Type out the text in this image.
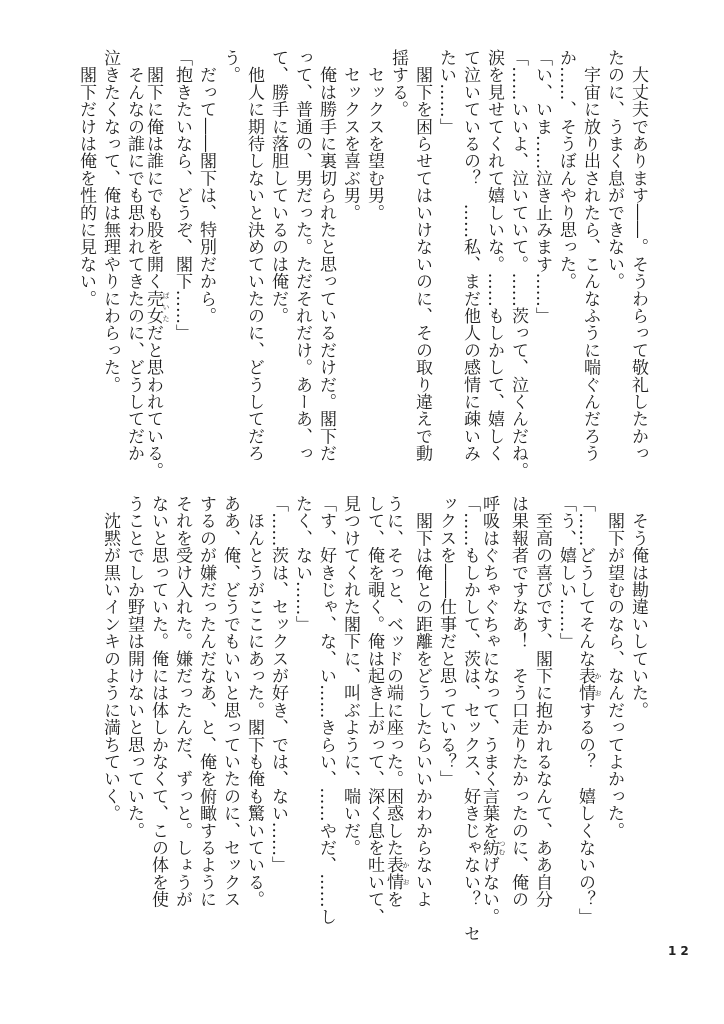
　大丈夫であります――。そうわらって敬礼したかっ
たのに、うまく息ができない。
　宇宙に放り出されたら、こんなふうに喘ぐんだろう
か……、そうぼんやり思った。
「い、いま……泣き止みます……」
「……いいよ、泣いていて。……茨って、泣くんだね。
涙を見せてくれて嬉しいな。……もしかして、嬉しく
て泣いているの？　……私、まだ他人の感情に疎いみ
たい……」
　閣下を困らせてはいけないのに、その取り違えで動
揺する。
　セックスを望む男。
　セックスを喜ぶ男。
　俺は勝手に裏切られたと思っているだけだ。閣下だ
って、普通の、男だった。ただそれだけ。あーあ、っ
て、勝手に落胆しているのは俺だ。
　他人に期待しないと決めていたのに、どうしてだろ
う。
　だって――閣下は、特別だから。
「抱きたいなら、どうぞ、閣下……」
　閣下に俺は誰にでも股を開く売女 ばいただと思われている。
　そんなの誰にでも思われてきたのに、どうしてだか
泣きたくなって、俺は無理やりにわらった。
　閣下だけは俺を性的に見ない。
　そう俺は勘違いしていた。
　閣下が望むのなら、なんだってよかった。
「……どうしてそんな表情 かおするの？　嬉しくないの？」
「う、嬉しい……」
　至高の喜びです、閣下に抱かれるなんて、ああ自分
は果報者ですなあ！　そう口走りたかったのに、俺の
呼吸はぐちゃぐちゃになって、うまく言葉を紡 つむげない。
「……もしかして、茨は、セックス、好きじゃない？　セ
ックスを――仕事だと思っている？」
　閣下は俺との距離をどうしたらいいかわからないよ
うに、そっと、ベッドの端に座った。困惑した表情 かおを
して、俺を覗く。俺は起き上がって、深く息を吐いて、
見つけてくれた閣下に、叫ぶように、喘いだ。
「す、好きじゃ、な、い……きらい、……やだ、……し
たく、ない……」
「……茨は、セックスが好き、では、ない……」
　ほんとうがここにあった。閣下も俺も驚いている。
ああ、俺、どうでもいいと思っていたのに、セックス
するのが嫌だったんだなあ、と、俺を俯瞰するように
それを受け入れた。嫌だったんだ、ずっと。しょうが
ないと思っていた。俺には体しかなくて、この体を使
うことでしか野望は開けないと思っていた。
　沈黙が黒いインキのように満ちていく。
12
